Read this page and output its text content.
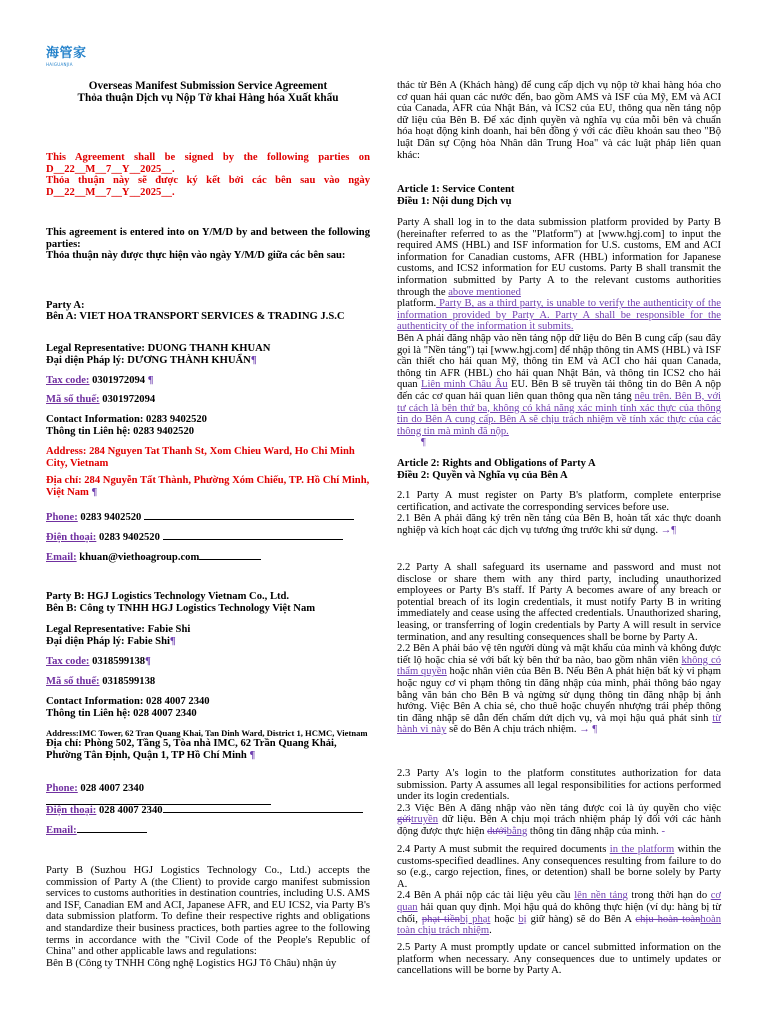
海管家
HAIGUANJIA
Overseas Manifest Submission Service Agreement
Thỏa thuận Dịch vụ Nộp Tờ khai Hàng hóa Xuất khẩu

This Agreement shall be signed by the following parties on D__22__M__7__Y__2025__.

Thỏa thuận này sẽ được ký kết bởi các bên sau vào ngày D__22__M__7__Y__2025__.

This agreement is entered into on Y/M/D by and between the following parties:

Thỏa thuận này được thực hiện vào ngày Y/M/D giữa các bên sau:

Party A:
Bên A: VIET HOA TRANSPORT SERVICES & TRADING J.S.C

Legal Representative: DUONG THANH KHUAN

Đại diện Pháp lý: DƯƠNG THÀNH KHUẨN¶

Tax code: 0301972094 ¶
Mã số thuế: 0301972094

Contact Information: 0283 9402520

Thông tin Liên hệ: 0283 9402520

Address: 284 Nguyen Tat Thanh St, Xom Chieu Ward, Ho Chi Minh City, Vietnam

Địa chỉ: 284 Nguyễn Tất Thành, Phường Xóm Chiếu, TP. Hồ Chí Minh, Việt Nam ¶

Phone: 0283 9402520
Điện thoại: 0283 9402520
Email: khuan@viethoagroup.com

Party B: HGJ Logistics Technology Vietnam Co., Ltd.

Bên B: Công ty TNHH HGJ Logistics Technology Việt Nam

Legal Representative: Fabie Shi

Đại diện Pháp lý: Fabie Shi¶

Tax code: 0318599138¶
Mã số thuế: 0318599138

Contact Information: 028 4007 2340

Thông tin Liên hệ: 028 4007 2340

Address:IMC Tower, 62 Tran Quang Khai, Tan Dinh Ward, District 1, HCMC, Vietnam

Địa chỉ: Phòng 502, Tầng 5, Tòa nhà IMC, 62 Trần Quang Khải, Phường Tân Định, Quận 1, TP Hồ Chí Minh ¶

Phone: 028 4007 2340
Điện thoại: 028 4007 2340
Email:

Party B (Suzhou HGJ Logistics Technology Co., Ltd.) accepts the commission of Party A (the Client) to provide cargo manifest submission services to customs authorities in destination countries, including U.S. AMS and ISF, Canadian EM and ACI, Japanese AFR, and EU ICS2, via Party B's data submission platform. To define their respective rights and obligations and standardize their business practices, both parties agree to the following terms in accordance with the "Civil Code of the People's Republic of China" and other applicable laws and regulations:

Bên B (Công ty TNHH Công nghệ Logistics HGJ Tô Châu) nhận ủy

thác từ Bên A (Khách hàng) để cung cấp dịch vụ nộp tờ khai hàng hóa cho cơ quan hải quan các nước đến, bao gồm AMS và ISF của Mỹ, EM và ACI của Canada, AFR của Nhật Bản, và ICS2 của EU, thông qua nền tảng nộp dữ liệu của Bên B. Để xác định quyền và nghĩa vụ của mỗi bên và chuẩn hóa hoạt động kinh doanh, hai bên đồng ý với các điều khoản sau theo "Bộ luật Dân sự Cộng hòa Nhân dân Trung Hoa" và các luật pháp liên quan khác:

Article 1: Service Content

Điều 1: Nội dung Dịch vụ

Party A shall log in to the data submission platform provided by Party B (hereinafter referred to as the "Platform") at [www.hgj.com] to input the required AMS (HBL) and ISF information for U.S. customs, EM and ACI information for Canadian customs, AFR (HBL) information for Japanese customs, and ICS2 information for EU customs. Party B shall transmit the information submitted by Party A to the relevant customs authorities through the above mentioned
platform. Party B, as a third party, is unable to verify the authenticity of the information provided by Party A. Party A shall be responsible for the authenticity of the information it submits.

Bên A phải đăng nhập vào nền tảng nộp dữ liệu do Bên B cung cấp (sau đây gọi là "Nền tảng") tại [www.hgj.com] để nhập thông tin AMS (HBL) và ISF cần thiết cho hải quan Mỹ, thông tin EM và ACI cho hải quan Canada, thông tin AFR (HBL) cho hải quan Nhật Bản, và thông tin ICS2 cho hải quan Liên minh Châu Âu EU. Bên B sẽ truyền tải thông tin do Bên A nộp đến các cơ quan hải quan liên quan thông qua nền tảng nêu trên. Bên B, với tư cách là bên thứ ba, không có khả năng xác minh tính xác thực của thông tin do Bên A cung cấp. Bên A sẽ chịu trách nhiệm về tính xác thực của các thông tin mà mình đã nộp.

¶

Article 2: Rights and Obligations of Party A

Điều 2: Quyền và Nghĩa vụ của Bên A

2.1 Party A must register on Party B's platform, complete enterprise certification, and activate the corresponding services before use.

2.1 Bên A phải đăng ký trên nền tảng của Bên B, hoàn tất xác thực doanh nghiệp và kích hoạt các dịch vụ tương ứng trước khi sử dụng. →¶

2.2 Party A shall safeguard its username and password and must not disclose or share them with any third party, including unauthorized employees or Party B's staff. If Party A becomes aware of any breach or potential breach of its login credentials, it must notify Party B in writing immediately and cease using the affected credentials. Unauthorized sharing, leasing, or transferring of login credentials by Party A will result in service termination, and any resulting consequences shall be borne by Party A.

2.2 Bên A phải bảo vệ tên người dùng và mật khẩu của mình và không được tiết lộ hoặc chia sẻ với bất kỳ bên thứ ba nào, bao gồm nhân viên không có thẩm quyền hoặc nhân viên của Bên B. Nếu Bên A phát hiện bất kỳ vi phạm hoặc nguy cơ vi phạm thông tin đăng nhập của mình, phải thông báo ngay bằng văn bản cho Bên B và ngừng sử dụng thông tin đăng nhập bị ảnh hưởng. Việc Bên A chia sẻ, cho thuê hoặc chuyển nhượng trái phép thông tin đăng nhập sẽ dẫn đến chấm dứt dịch vụ, và mọi hậu quả phát sinh từ hành vi này sẽ do Bên A chịu trách nhiệm. → ¶

2.3 Party A's login to the platform constitutes authorization for data submission. Party A assumes all legal responsibilities for actions performed under its login credentials.

2.3 Việc Bên A đăng nhập vào nền tảng được coi là ủy quyền cho việc gửitruyền dữ liệu. Bên A chịu mọi trách nhiệm pháp lý đối với các hành động được thực hiện dướibằng thông tin đăng nhập của mình. -

2.4 Party A must submit the required documents in the platform within the customs-specified deadlines. Any consequences resulting from failure to do so (e.g., cargo rejection, fines, or detention) shall be borne solely by Party A.

2.4 Bên A phải nộp các tài liệu yêu cầu lên nền tảng trong thời hạn do cơ quan hải quan quy định. Mọi hậu quả do không thực hiện (ví dụ: hàng bị từ chối, phạt tiềnbị phạt hoặc bị giữ hàng) sẽ do Bên A chịu hoàn toànhoàn toàn chịu trách nhiệm.

2.5 Party A must promptly update or cancel submitted information on the platform when necessary. Any consequences due to untimely updates or cancellations will be borne by Party A.
